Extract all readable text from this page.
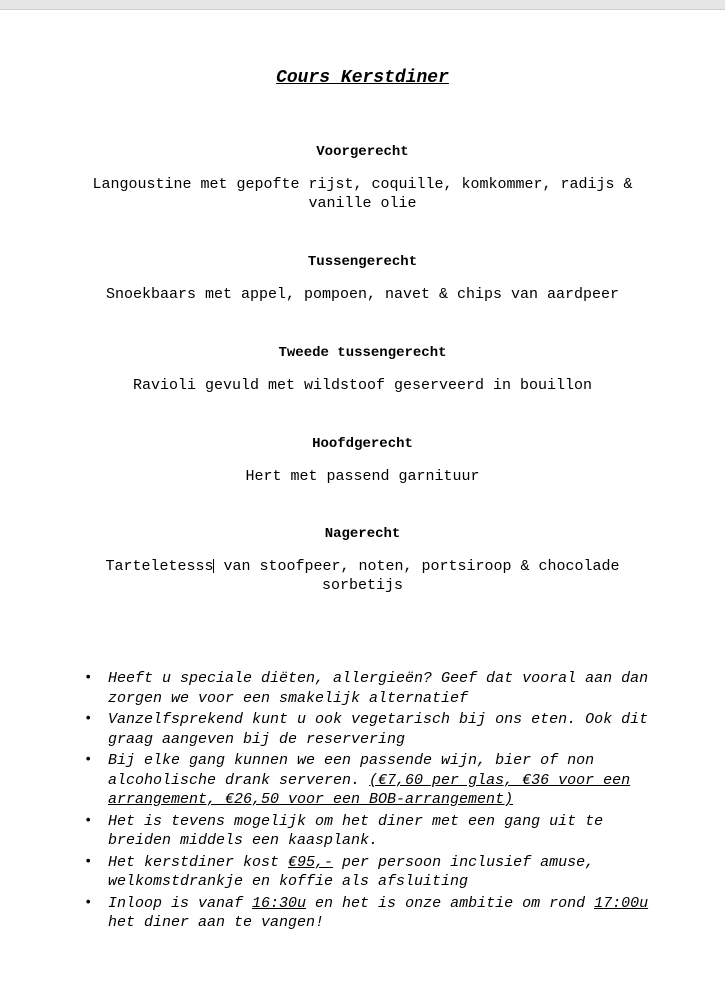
Cours Kerstdiner
Voorgerecht
Langoustine met gepofte rijst, coquille, komkommer, radijs &
vanille olie
Tussengerecht
Snoekbaars met appel, pompoen, navet & chips van aardpeer
Tweede tussengerecht
Ravioli gevuld met wildstoof geserveerd in bouillon
Hoofdgerecht
Hert met passend garnituur
Nagerecht
Tarteletesss van stoofpeer, noten, portsiroop & chocolade
sorbetijs
• Heeft u speciale diëten, allergieën? Geef dat vooral aan dan zorgen we voor een smakelijk alternatief
• Vanzelfsprekend kunt u ook vegetarisch bij ons eten. Ook dit graag aangeven bij de reservering
• Bij elke gang kunnen we een passende wijn, bier of non alcoholische drank serveren. (€7,60 per glas, €36 voor een arrangement, €26,50 voor een BOB-arrangement)
• Het is tevens mogelijk om het diner met een gang uit te breiden middels een kaasplank.
• Het kerstdiner kost €95,- per persoon inclusief amuse, welkomstdrankje en koffie als afsluiting
• Inloop is vanaf 16:30u en het is onze ambitie om rond 17:00u het diner aan te vangen!
